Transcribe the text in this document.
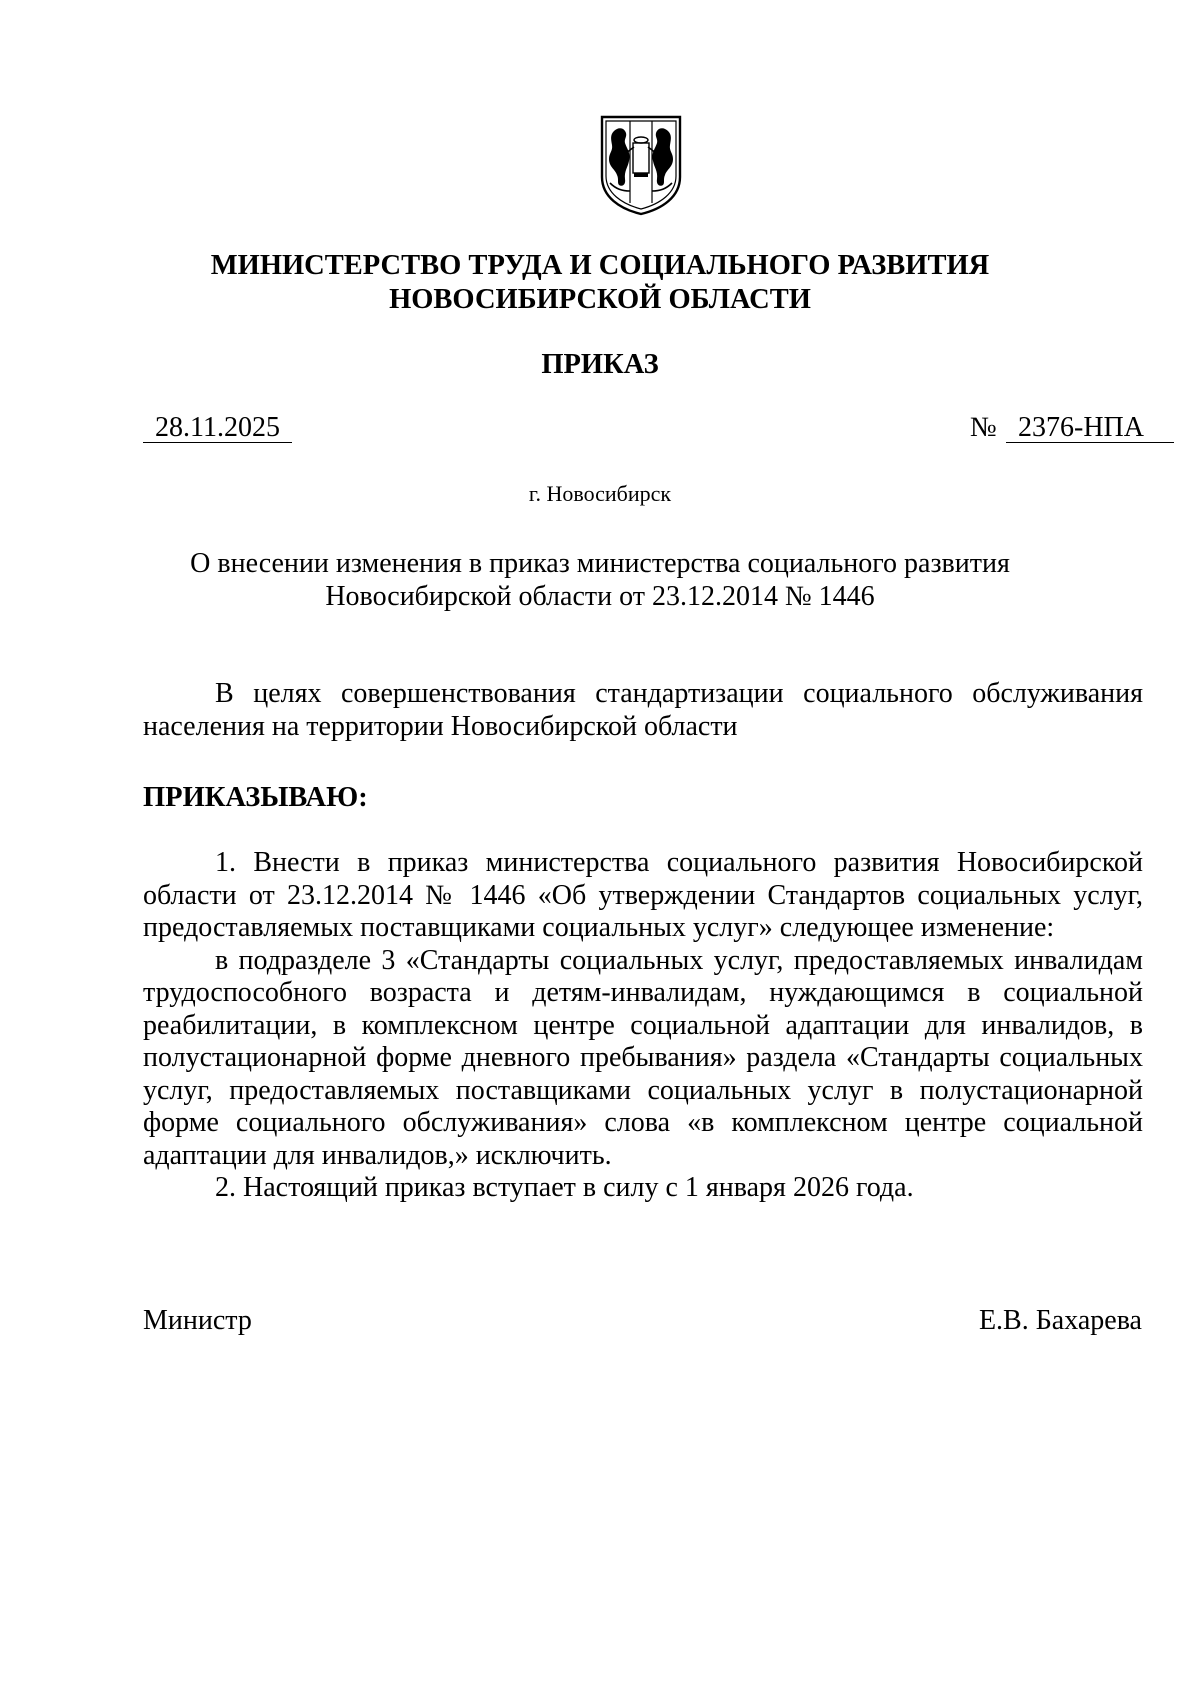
МИНИСТЕРСТВО ТРУДА И СОЦИАЛЬНОГО РАЗВИТИЯ
НОВОСИБИРСКОЙ ОБЛАСТИ
ПРИКАЗ
28.11.2025	№ 2376-НПА
г. Новосибирск
О внесении изменения в приказ министерства социального развития
Новосибирской области от 23.12.2014 № 1446

В целях совершенствования стандартизации социального обслуживания населения на территории Новосибирской области

ПРИКАЗЫВАЮ:

1. Внести в приказ министерства социального развития Новосибирской области от 23.12.2014 № 1446 «Об утверждении Стандартов социальных услуг, предоставляемых поставщиками социальных услуг» следующее изменение:

в подразделе 3 «Стандарты социальных услуг, предоставляемых инвалидам трудоспособного возраста и детям-инвалидам, нуждающимся в социальной реабилитации, в комплексном центре социальной адаптации для инвалидов, в полустационарной форме дневного пребывания» раздела «Стандарты социальных услуг, предоставляемых поставщиками социальных услуг в полустационарной форме социального обслуживания» слова «в комплексном центре социальной адаптации для инвалидов,» исключить.

2. Настоящий приказ вступает в силу с 1 января 2026 года.

Министр	Е.В. Бахарева
